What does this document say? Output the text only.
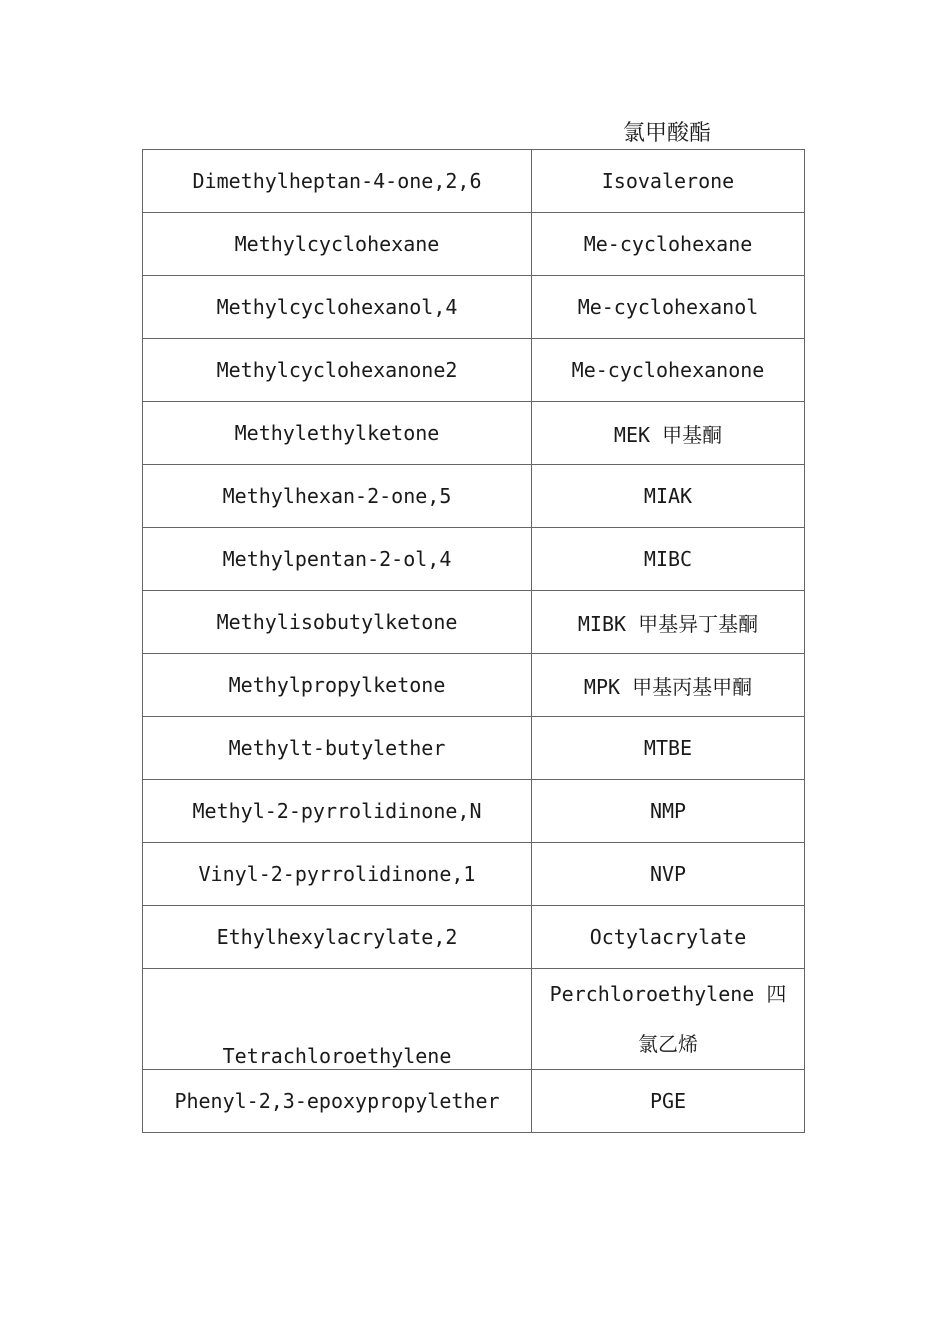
氯甲酸酯
Dimethylheptan-4-one,2,6	Isovalerone
Methylcyclohexane	Me-cyclohexane
Methylcyclohexanol,4	Me-cyclohexanol
Methylcyclohexanone2	Me-cyclohexanone
Methylethylketone	MEK 甲基酮
Methylhexan-2-one,5	MIAK
Methylpentan-2-ol,4	MIBC
Methylisobutylketone	MIBK 甲基异丁基酮
Methylpropylketone	MPK 甲基丙基甲酮
Methylt-butylether	MTBE
Methyl-2-pyrrolidinone,N	NMP
Vinyl-2-pyrrolidinone,1	NVP
Ethylhexylacrylate,2	Octylacrylate
Tetrachloroethylene	Perchloroethylene 四氯乙烯
Phenyl-2,3-epoxypropylether	PGE
